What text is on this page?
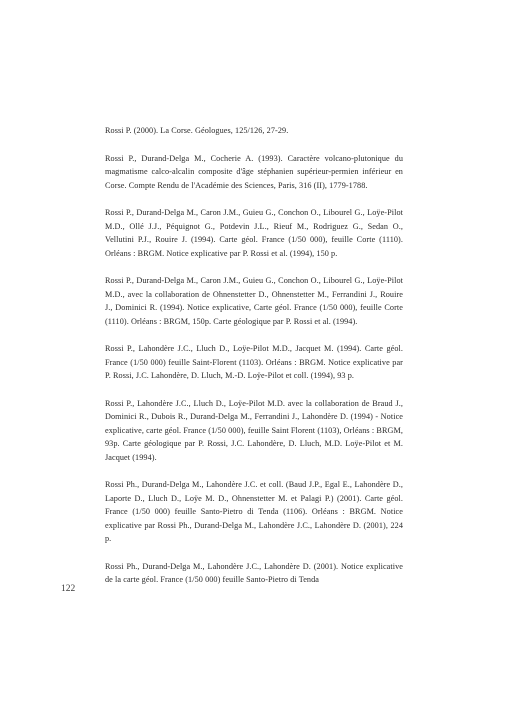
Rossi P. (2000). La Corse. Géologues, 125/126, 27-29.

Rossi P., Durand-Delga M., Cocherie A. (1993). Caractère volcano-plutonique du magmatisme calco-alcalin composite d'âge stéphanien supérieur-permien inférieur en Corse. Compte Rendu de l'Académie des Sciences, Paris, 316 (II), 1779-1788.

Rossi P., Durand-Delga M., Caron J.M., Guieu G., Conchon O., Libourel G., Loÿe-Pilot M.D., Ollé J.J., Péquignot G., Potdevin J.L., Rieuf M., Rodriguez G., Sedan O., Vellutini P.J., Rouire J. (1994). Carte géol. France (1/50 000), feuille Corte (1110). Orléans : BRGM. Notice explicative par P. Rossi et al. (1994), 150 p.

Rossi P., Durand-Delga M., Caron J.M., Guieu G., Conchon O., Libourel G., Loÿe-Pilot M.D., avec la collaboration de Ohnenstetter D., Ohnenstetter M., Ferrandini J., Rouire J., Dominici R. (1994). Notice explicative, Carte géol. France (1/50 000), feuille Corte (1110). Orléans : BRGM, 150p. Carte géologique par P. Rossi et al. (1994).

Rossi P., Lahondère J.C., Lluch D., Loÿe-Pilot M.D., Jacquet M. (1994). Carte géol. France (1/50 000) feuille Saint-Florent (1103). Orléans : BRGM. Notice explicative par P. Rossi, J.C. Lahondère, D. Lluch, M.-D. Loÿe-Pilot et coll. (1994), 93 p.

Rossi P., Lahondère J.C., Lluch D., Loÿe-Pilot M.D. avec la collaboration de Braud J., Dominici R., Dubois R., Durand-Delga M., Ferrandini J., Lahondère D. (1994) - Notice explicative, carte géol. France (1/50 000), feuille Saint Florent (1103), Orléans : BRGM, 93p. Carte géologique par P. Rossi, J.C. Lahondère, D. Lluch, M.D. Loÿe-Pilot et M. Jacquet (1994).

Rossi Ph., Durand-Delga M., Lahondère J.C. et coll. (Baud J.P., Egal E., Lahondère D., Laporte D., Lluch D., Loÿe M. D., Ohnenstetter M. et Palagi P.) (2001). Carte géol. France (1/50 000) feuille Santo-Pietro di Tenda (1106). Orléans : BRGM. Notice explicative par Rossi Ph., Durand-Delga M., Lahondère J.C., Lahondère D. (2001), 224 p.

Rossi Ph., Durand-Delga M., Lahondère J.C., Lahondère D. (2001). Notice explicative de la carte géol. France (1/50 000) feuille Santo-Pietro di Tenda

122
